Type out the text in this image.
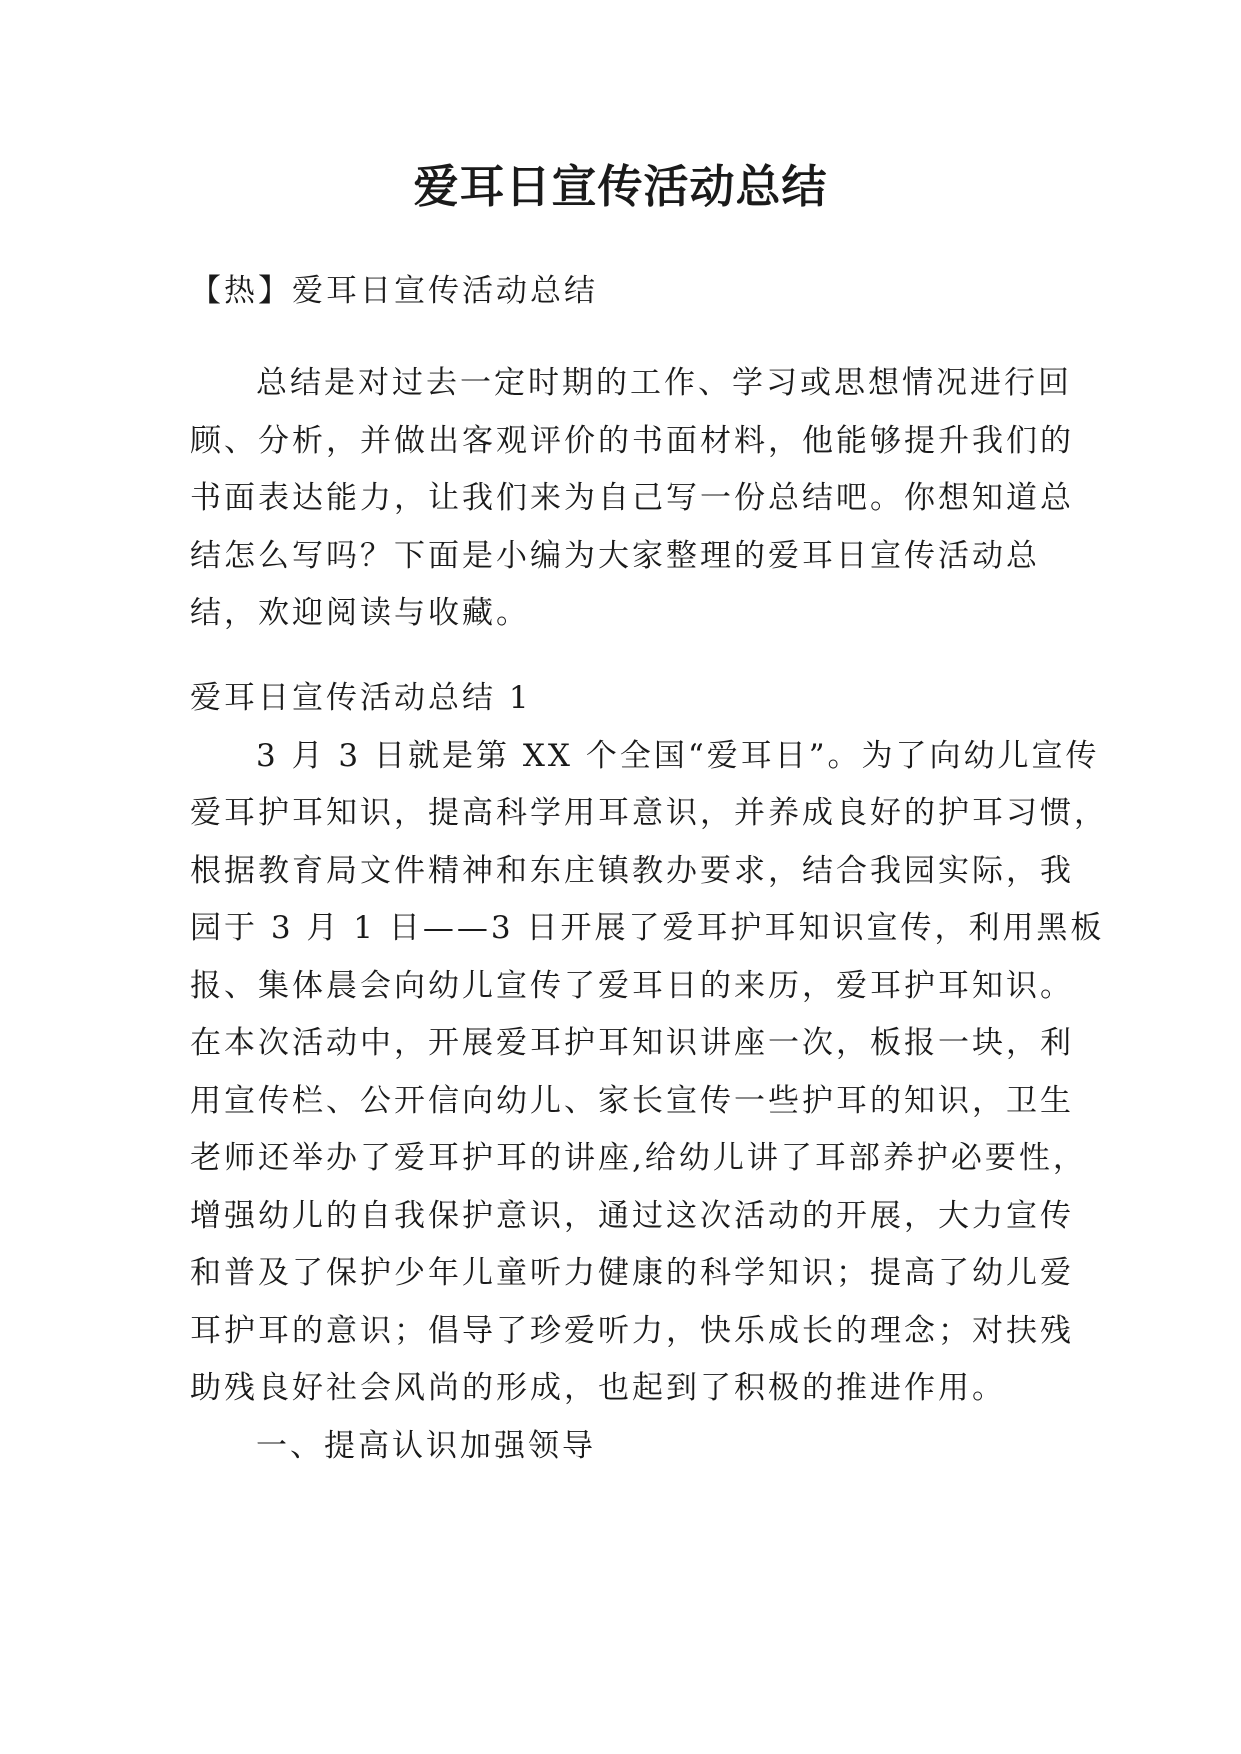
爱耳日宣传活动总结
【热】爱耳日宣传活动总结
总结是对过去一定时期的工作、学习或思想情况进行回
顾、分析，并做出客观评价的书面材料，他能够提升我们的
书面表达能力，让我们来为自己写一份总结吧。你想知道总
结怎么写吗？下面是小编为大家整理的爱耳日宣传活动总
结，欢迎阅读与收藏。
爱耳日宣传活动总结 1
3 月 3 日就是第 XX 个全国“爱耳日”。为了向幼儿宣传
爱耳护耳知识，提高科学用耳意识，并养成良好的护耳习惯，
根据教育局文件精神和东庄镇教办要求，结合我园实际，我
园于 3 月 1 日——3 日开展了爱耳护耳知识宣传，利用黑板
报、集体晨会向幼儿宣传了爱耳日的来历，爱耳护耳知识。
在本次活动中，开展爱耳护耳知识讲座一次，板报一块，利
用宣传栏、公开信向幼儿、家长宣传一些护耳的知识，卫生
老师还举办了爱耳护耳的讲座,给幼儿讲了耳部养护必要性，
增强幼儿的自我保护意识，通过这次活动的开展，大力宣传
和普及了保护少年儿童听力健康的科学知识；提高了幼儿爱
耳护耳的意识；倡导了珍爱听力，快乐成长的理念；对扶残
助残良好社会风尚的形成，也起到了积极的推进作用。
一、提高认识加强领导
